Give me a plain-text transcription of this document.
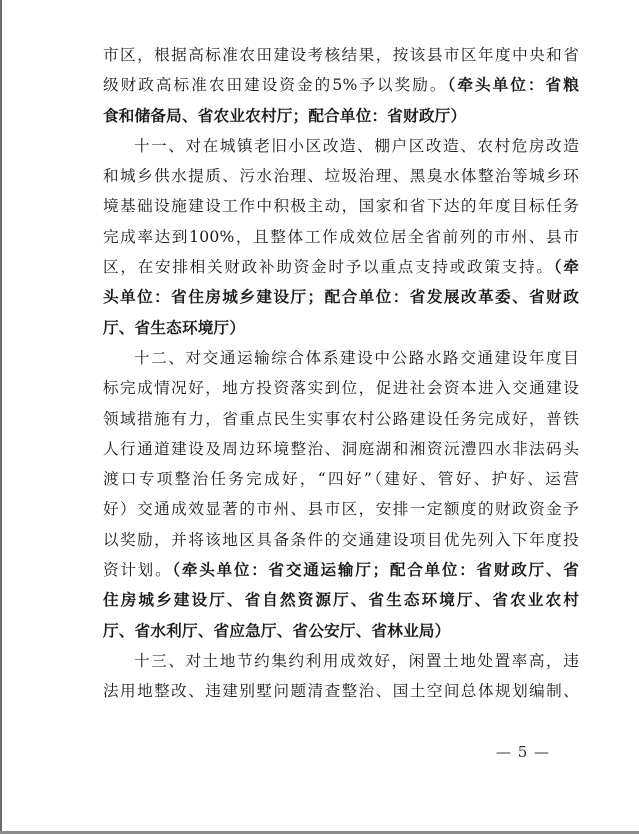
市区，根据高标准农田建设考核结果，按该县市区年度中央和省
级财政高标准农田建设资金的5%予以奖励。（牵头单位：省粮
食和储备局、省农业农村厅；配合单位：省财政厅）
十一、对在城镇老旧小区改造、棚户区改造、农村危房改造
和城乡供水提质、污水治理、垃圾治理、黑臭水体整治等城乡环
境基础设施建设工作中积极主动，国家和省下达的年度目标任务
完成率达到100%，且整体工作成效位居全省前列的市州、县市
区，在安排相关财政补助资金时予以重点支持或政策支持。（牵
头单位：省住房城乡建设厅；配合单位：省发展改革委、省财政
厅、省生态环境厅）
十二、对交通运输综合体系建设中公路水路交通建设年度目
标完成情况好，地方投资落实到位，促进社会资本进入交通建设
领域措施有力，省重点民生实事农村公路建设任务完成好，普铁
人行通道建设及周边环境整治、洞庭湖和湘资沅澧四水非法码头
渡口专项整治任务完成好，“四好”（建好、管好、护好、运营
好）交通成效显著的市州、县市区，安排一定额度的财政资金予
以奖励，并将该地区具备条件的交通建设项目优先列入下年度投
资计划。（牵头单位：省交通运输厅；配合单位：省财政厅、省
住房城乡建设厅、省自然资源厅、省生态环境厅、省农业农村
厅、省水利厅、省应急厅、省公安厅、省林业局）
十三、对土地节约集约利用成效好，闲置土地处置率高，违
法用地整改、违建别墅问题清查整治、国土空间总体规划编制、
— 5 —
